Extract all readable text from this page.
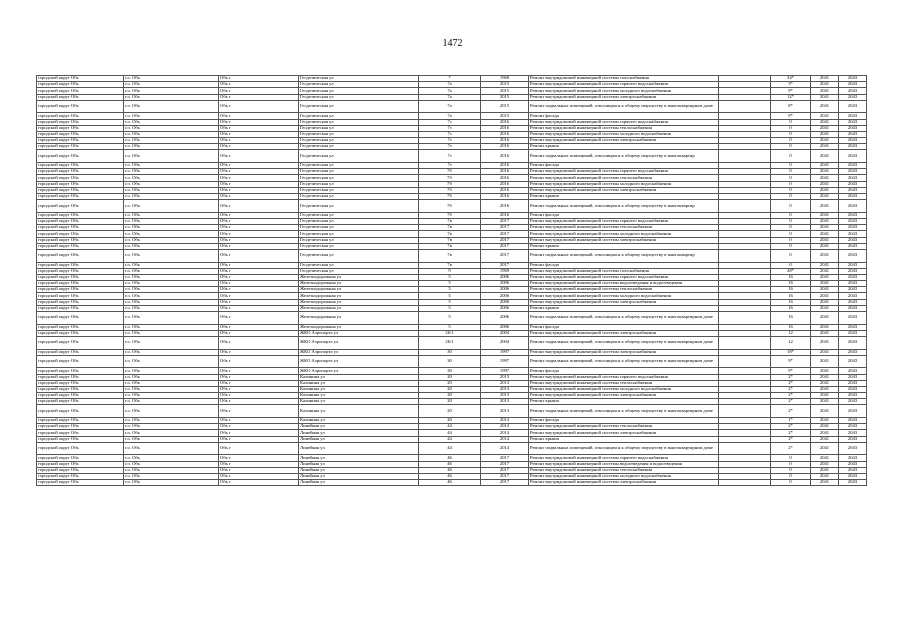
1472
городской округ Обь	г.о. Обь	Обь г	Геодезическая ул	7	1968	Ремонт внутридомовой инженерной системы газоснабжения		34*	2041	2043
городской округ Обь	г.о. Обь	Обь г	Геодезическая ул	7а	2015	Ремонт внутридомовой инженерной системы горячего водоснабжения		3*	2041	2043
городской округ Обь	г.о. Обь	Обь г	Геодезическая ул	7а	2015	Ремонт внутридомовой инженерной системы холодного водоснабжения		9*	2041	2043
городской округ Обь	г.о. Обь	Обь г	Геодезическая ул	7а	2015	Ремонт внутридомовой инженерной системы электроснабжения		12*	2041	2043
городской округ Обь	г.о. Обь	Обь г	Геодезическая ул	7а	2015	Ремонт подвальных помещений, относящихся к общему имуществу в многоквартирном доме		8*	2041	2043
городской округ Обь	г.о. Обь	Обь г	Геодезическая ул	7а	2015	Ремонт фасада		9*	2041	2043
городской округ Обь	г.о. Обь	Обь г	Геодезическая ул	7з	2016	Ремонт внутридомовой инженерной системы горячего водоснабжения		0	2041	2043
городской округ Обь	г.о. Обь	Обь г	Геодезическая ул	7з	2016	Ремонт внутридомовой инженерной системы теплоснабжения		0	2041	2043
городской округ Обь	г.о. Обь	Обь г	Геодезическая ул	7з	2016	Ремонт внутридомовой инженерной системы холодного водоснабжения		0	2041	2043
городской округ Обь	г.о. Обь	Обь г	Геодезическая ул	7з	2016	Ремонт внутридомовой инженерной системы электроснабжения		0	2041	2043
городской округ Обь	г.о. Обь	Обь г	Геодезическая ул	7з	2016	Ремонт крыши		0	2041	2043
городской округ Обь	г.о. Обь	Обь г	Геодезическая ул	7з	2016	Ремонт подвальных помещений, относящихся к общему имуществу в многоквартир		0	2041	2043
городской округ Обь	г.о. Обь	Обь г	Геодезическая ул	7з	2016	Ремонт фасада		0	2041	2043
городской округ Обь	г.о. Обь	Обь г	Геодезическая ул	7б	2016	Ремонт внутридомовой инженерной системы горячего водоснабжения		0	2041	2043
городской округ Обь	г.о. Обь	Обь г	Геодезическая ул	7б	2016	Ремонт внутридомовой инженерной системы теплоснабжения		0	2041	2043
городской округ Обь	г.о. Обь	Обь г	Геодезическая ул	7б	2016	Ремонт внутридомовой инженерной системы холодного водоснабжения		0	2041	2043
городской округ Обь	г.о. Обь	Обь г	Геодезическая ул	7б	2016	Ремонт внутридомовой инженерной системы электроснабжения		0	2041	2043
городской округ Обь	г.о. Обь	Обь г	Геодезическая ул	7б	2016	Ремонт крыши		0	2041	2043
городской округ Обь	г.о. Обь	Обь г	Геодезическая ул	7б	2016	Ремонт подвальных помещений, относящихся к общему имуществу в многоквартир		0	2041	2043
городской округ Обь	г.о. Обь	Обь г	Геодезическая ул	7б	2016	Ремонт фасада		0	2041	2043
городской округ Обь	г.о. Обь	Обь г	Геодезическая ул	7в	2017	Ремонт внутридомовой инженерной системы горячего водоснабжения		0	2041	2043
городской округ Обь	г.о. Обь	Обь г	Геодезическая ул	7в	2017	Ремонт внутридомовой инженерной системы теплоснабжения		0	2041	2043
городской округ Обь	г.о. Обь	Обь г	Геодезическая ул	7в	2017	Ремонт внутридомовой инженерной системы холодного водоснабжения		0	2041	2043
городской округ Обь	г.о. Обь	Обь г	Геодезическая ул	7в	2017	Ремонт внутридомовой инженерной системы электроснабжения		0	2041	2043
городской округ Обь	г.о. Обь	Обь г	Геодезическая ул	7в	2017	Ремонт крыши		0	2041	2043
городской округ Обь	г.о. Обь	Обь г	Геодезическая ул	7в	2017	Ремонт подвальных помещений, относящихся к общему имуществу в многоквартир		0	2041	2043
городской округ Обь	г.о. Обь	Обь г	Геодезическая ул	7в	2017	Ремонт фасада		0	2041	2043
городской округ Обь	г.о. Обь	Обь г	Геодезическая ул	9	1969	Ремонт внутридомовой инженерной системы газоснабжения		28*	2041	2043
городской округ Обь	г.о. Обь	Обь г	Железнодорожная ул	5	2006	Ремонт внутридомовой инженерной системы горячего водоснабжения		16	2041	2043
городской округ Обь	г.о. Обь	Обь г	Железнодорожная ул	5	2006	Ремонт внутридомовой инженерной системы водоотведения и водоотведения		16	2041	2043
городской округ Обь	г.о. Обь	Обь г	Железнодорожная ул	5	2006	Ремонт внутридомовой инженерной системы теплоснабжения		16	2041	2043
городской округ Обь	г.о. Обь	Обь г	Железнодорожная ул	5	2006	Ремонт внутридомовой инженерной системы холодного водоснабжения		16	2041	2043
городской округ Обь	г.о. Обь	Обь г	Железнодорожная ул	5	2006	Ремонт внутридомовой инженерной системы электроснабжения		16	2041	2043
городской округ Обь	г.о. Обь	Обь г	Железнодорожная ул	5	2006	Ремонт крыши		16	2041	2043
городской округ Обь	г.о. Обь	Обь г	Железнодорожная ул	5	2006	Ремонт подвальных помещений, относящихся к общему имуществу в многоквартирном доме		16	2041	2043
городской округ Обь	г.о. Обь	Обь г	Железнодорожная ул	5	2006	Ремонт фасада		16	2041	2043
городской округ Обь	г.о. Обь	Обь г	ЖКО Аэропорта ул	26/1	2004	Ремонт внутридомовой инженерной системы электроснабжения		12	2041	2043
городской округ Обь	г.о. Обь	Обь г	ЖКО Аэропорта ул	26/1	2004	Ремонт подвальных помещений, относящихся к общему имуществу в многоквартирном доме		12	2041	2043
городской округ Обь	г.о. Обь	Обь г	ЖКО Аэропорта ул	30	1997	Ремонт внутридомовой инженерной системы электроснабжения		18*	2041	2043
городской округ Обь	г.о. Обь	Обь г	ЖКО Аэропорта ул	30	1997	Ремонт подвальных помещений, относящихся к общему имуществу в многоквартирном доме		9*	2041	2043
городской округ Обь	г.о. Обь	Обь г	ЖКО Аэропорта ул	30	1997	Ремонт фасада		9*	2041	2043
городской округ Обь	г.о. Обь	Обь г	Калинина ул	20	2013	Ремонт внутридомовой инженерной системы горячего водоснабжения		2*	2041	2043
городской округ Обь	г.о. Обь	Обь г	Калинина ул	20	2013	Ремонт внутридомовой инженерной системы теплоснабжения		2*	2041	2043
городской округ Обь	г.о. Обь	Обь г	Калинина ул	20	2013	Ремонт внутридомовой инженерной системы холодного водоснабжения		2*	2041	2043
городской округ Обь	г.о. Обь	Обь г	Калинина ул	20	2013	Ремонт внутридомовой инженерной системы электроснабжения		2*	2041	2043
городской округ Обь	г.о. Обь	Обь г	Калинина ул	20	2013	Ремонт крыши		2*	2041	2043
городской округ Обь	г.о. Обь	Обь г	Калинина ул	20	2013	Ремонт подвальных помещений, относящихся к общему имуществу в многоквартирном доме		2*	2041	2043
городской округ Обь	г.о. Обь	Обь г	Калинина ул	20	2013	Ремонт фасада		1*	2041	2043
городской округ Обь	г.о. Обь	Обь г	Линейная ул	44	2014	Ремонт внутридомовой инженерной системы теплоснабжения		2*	2041	2043
городской округ Обь	г.о. Обь	Обь г	Линейная ул	44	2014	Ремонт внутридомовой инженерной системы электроснабжения		2*	2041	2043
городской округ Обь	г.о. Обь	Обь г	Линейная ул	44	2014	Ремонт крыши		2*	2041	2043
городской округ Обь	г.о. Обь	Обь г	Линейная ул	44	2014	Ремонт подвальных помещений, относящихся к общему имуществу в многоквартирном доме		2*	2041	2043
городской округ Обь	г.о. Обь	Обь г	Линейная ул	46	2017	Ремонт внутридомовой инженерной системы горячего водоснабжения		0	2041	2043
городской округ Обь	г.о. Обь	Обь г	Линейная ул	46	2017	Ремонт внутридомовой инженерной системы водоотведения и водоотведения		0	2041	2043
городской округ Обь	г.о. Обь	Обь г	Линейная ул	46	2017	Ремонт внутридомовой инженерной системы теплоснабжения		0	2041	2043
городской округ Обь	г.о. Обь	Обь г	Линейная ул	46	2017	Ремонт внутридомовой инженерной системы холодного водоснабжения		0	2041	2043
городской округ Обь	г.о. Обь	Обь г	Линейная ул	46	2017	Ремонт внутридомовой инженерной системы электроснабжения		0	2041	2043
